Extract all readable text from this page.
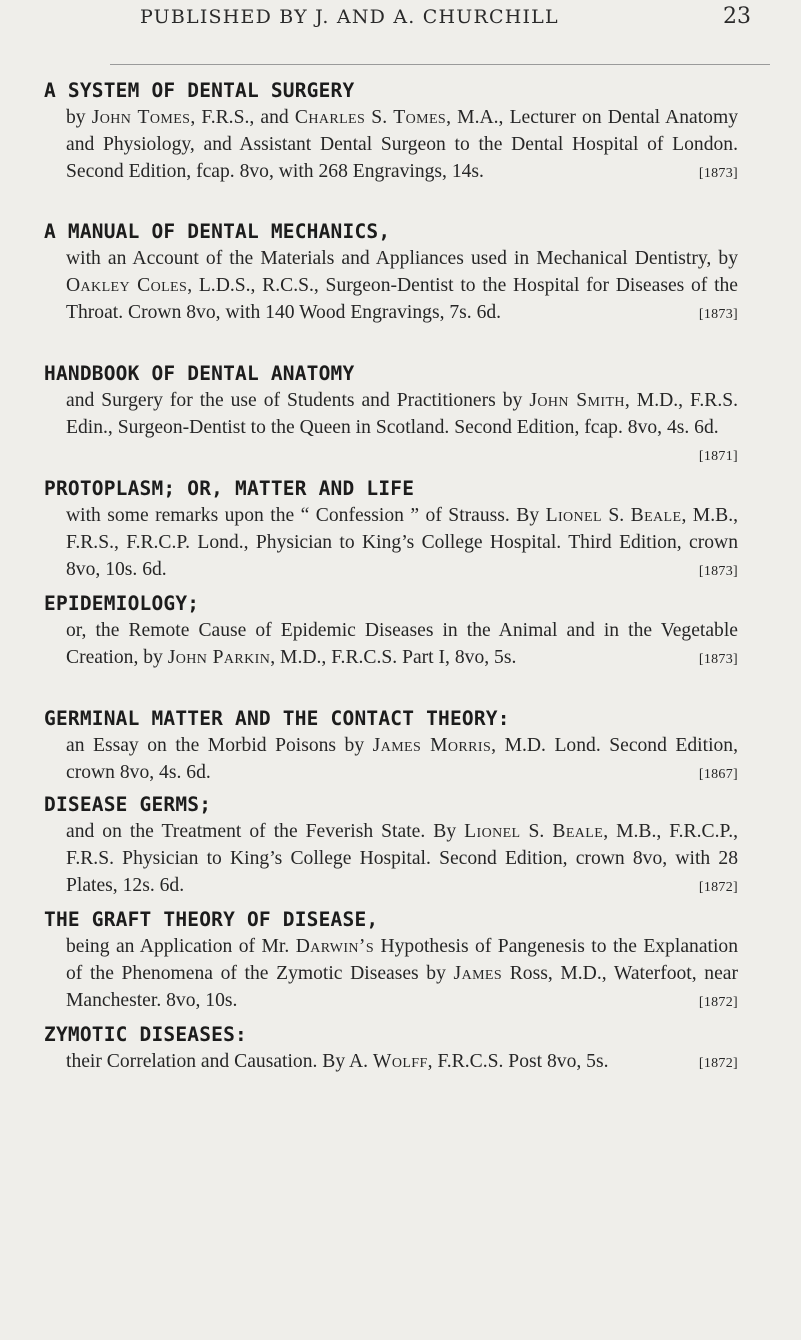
PUBLISHED BY J. AND A. CHURCHILL	23
A SYSTEM OF DENTAL SURGERY
by John Tomes, F.R.S., and Charles S. Tomes, M.A., Lecturer on Dental Anatomy and Physiology, and Assistant Dental Surgeon to the Dental Hospital of London. Second Edition, fcap. 8vo, with 268 Engravings, 14s.	[1873]
A MANUAL OF DENTAL MECHANICS,
with an Account of the Materials and Appliances used in Mechanical Dentistry, by Oakley Coles, L.D.S., R.C.S., Surgeon-Dentist to the Hospital for Diseases of the Throat. Crown 8vo, with 140 Wood Engravings, 7s. 6d.	[1873]
HANDBOOK OF DENTAL ANATOMY
and Surgery for the use of Students and Practitioners by John Smith, M.D., F.R.S. Edin., Surgeon-Dentist to the Queen in Scotland. Second Edition, fcap. 8vo, 4s. 6d.
[1871]
PROTOPLASM; OR, MATTER AND LIFE
with some remarks upon the “ Confession ” of Strauss. By Lionel S. Beale, M.B., F.R.S., F.R.C.P. Lond., Physician to King’s College Hospital. Third Edition, crown 8vo, 10s. 6d.	[1873]
EPIDEMIOLOGY;
or, the Remote Cause of Epidemic Diseases in the Animal and in the Vegetable Creation, by John Parkin, M.D., F.R.C.S. Part I, 8vo, 5s.	[1873]
GERMINAL MATTER AND THE CONTACT THEORY:
an Essay on the Morbid Poisons by James Morris, M.D. Lond. Second Edition, crown 8vo, 4s. 6d.	[1867]
DISEASE GERMS;
and on the Treatment of the Feverish State. By Lionel S. Beale, M.B., F.R.C.P., F.R.S. Physician to King’s College Hospital. Second Edition, crown 8vo, with 28 Plates, 12s. 6d.	[1872]
THE GRAFT THEORY OF DISEASE,
being an Application of Mr. Darwin’s Hypothesis of Pangenesis to the Explanation of the Phenomena of the Zymotic Diseases by James Ross, M.D., Waterfoot, near Manchester. 8vo, 10s.	[1872]
ZYMOTIC DISEASES:
their Correlation and Causation. By A. Wolff, F.R.C.S. Post 8vo, 5s.	[1872]
